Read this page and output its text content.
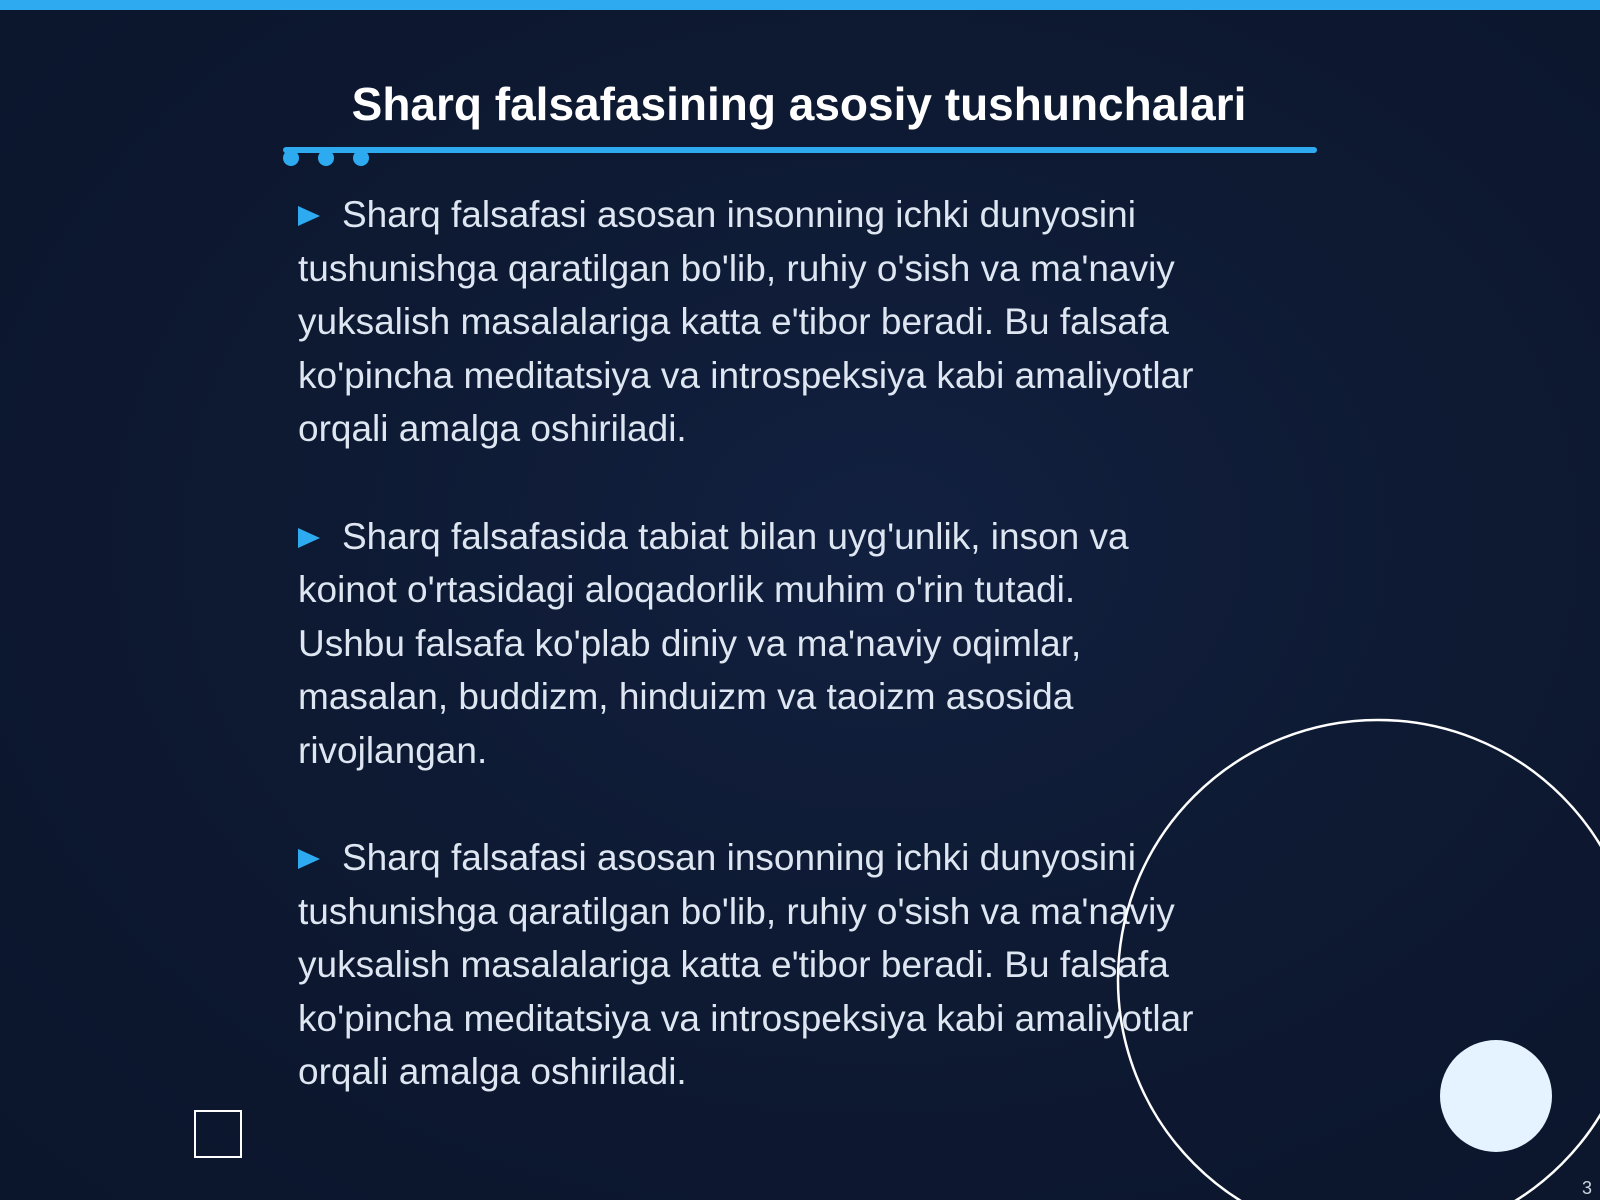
Sharq falsafasining asosiy tushunchalari
Sharq falsafasi asosan insonning ichki dunyosini
tushunishga qaratilgan bo'lib, ruhiy o'sish va ma'naviy
yuksalish masalalariga katta e'tibor beradi. Bu falsafa
ko'pincha meditatsiya va introspeksiya kabi amaliyotlar
orqali amalga oshiriladi.
Sharq falsafasida tabiat bilan uyg'unlik, inson va
koinot o'rtasidagi aloqadorlik muhim o'rin tutadi.
Ushbu falsafa ko'plab diniy va ma'naviy oqimlar,
masalan, buddizm, hinduizm va taoizm asosida
rivojlangan.
Sharq falsafasi asosan insonning ichki dunyosini
tushunishga qaratilgan bo'lib, ruhiy o'sish va ma'naviy
yuksalish masalalariga katta e'tibor beradi. Bu falsafa
ko'pincha meditatsiya va introspeksiya kabi amaliyotlar
orqali amalga oshiriladi.
3
